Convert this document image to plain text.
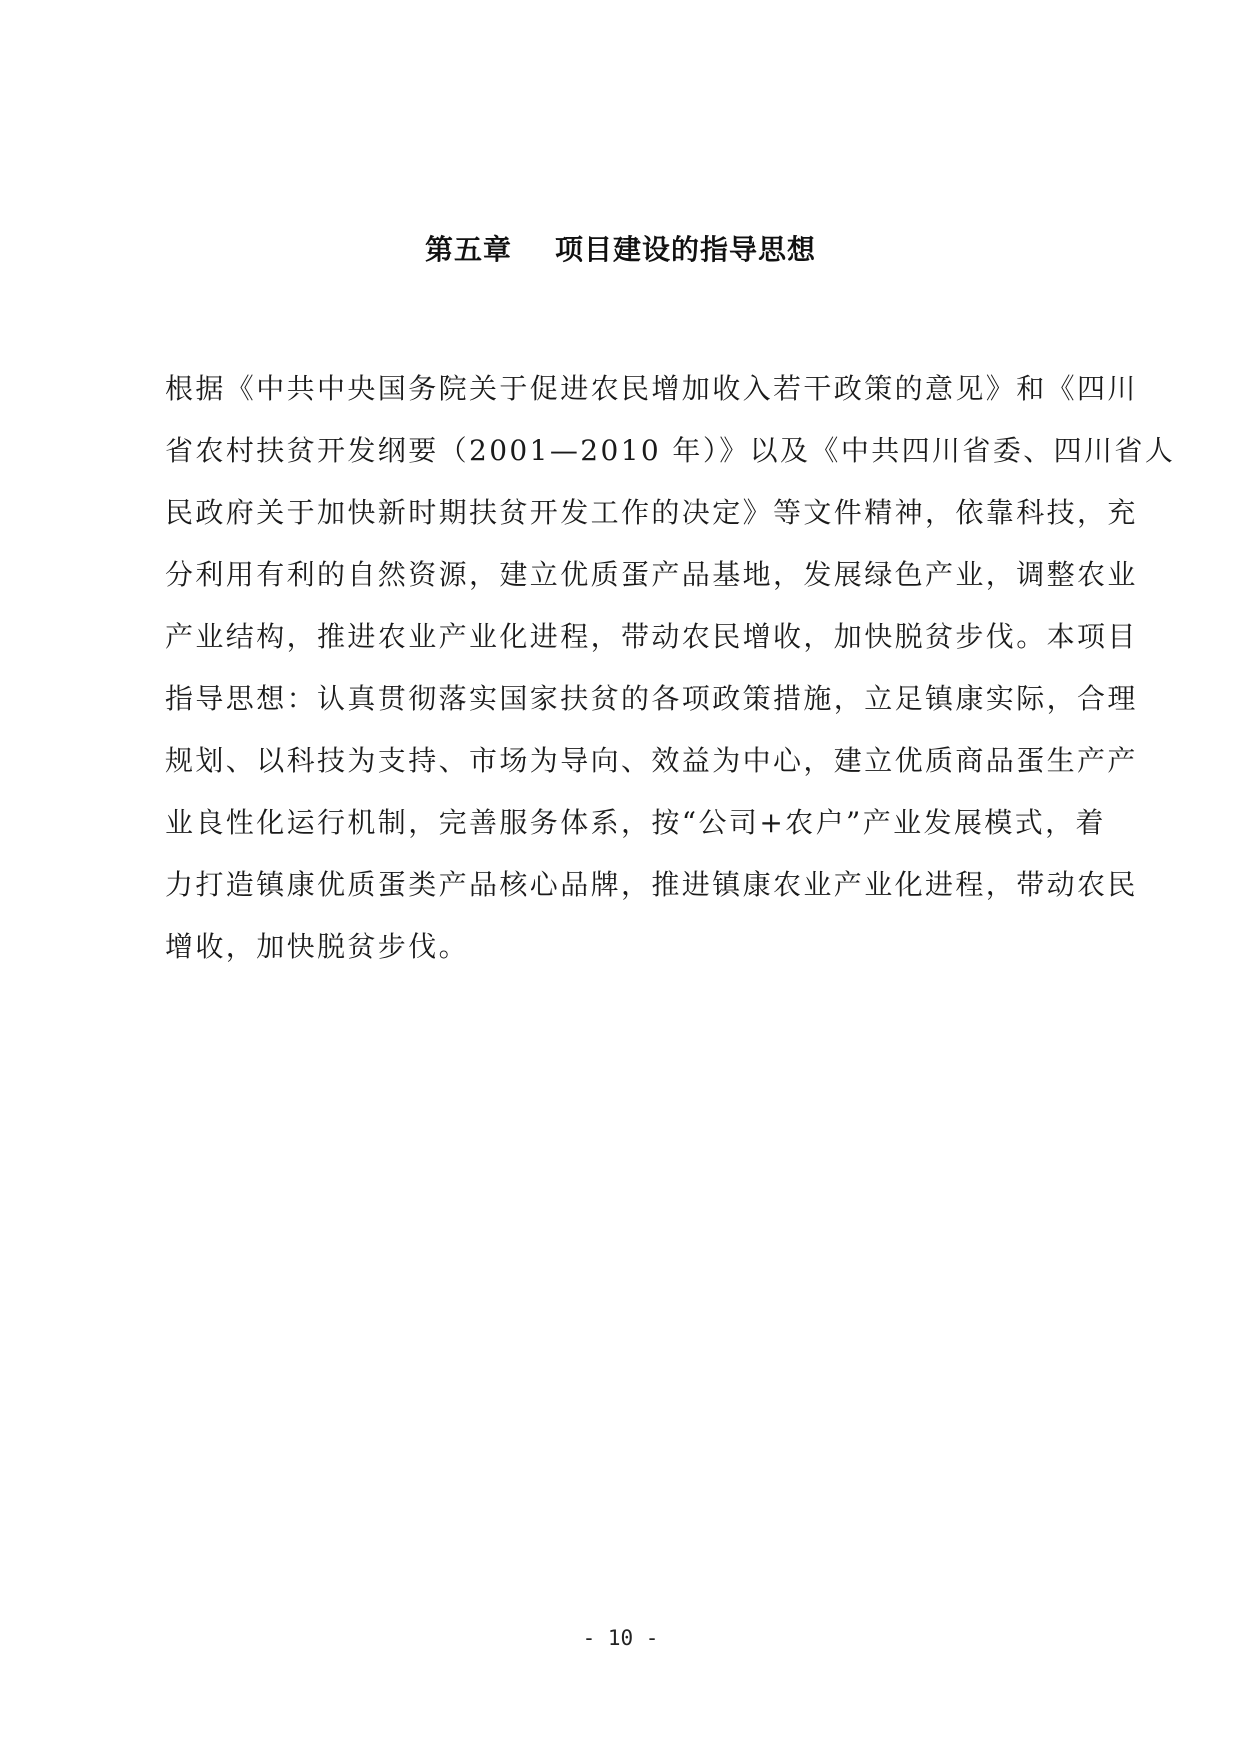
第五章    项目建设的指导思想
根据《中共中央国务院关于促进农民增加收入若干政策的意见》和《四川
省农村扶贫开发纲要（2001—2010 年）》以及《中共四川省委、四川省人
民政府关于加快新时期扶贫开发工作的决定》等文件精神，依靠科技，充
分利用有利的自然资源，建立优质蛋产品基地，发展绿色产业，调整农业
产业结构，推进农业产业化进程，带动农民增收，加快脱贫步伐。本项目
指导思想：认真贯彻落实国家扶贫的各项政策措施，立足镇康实际，合理
规划、以科技为支持、市场为导向、效益为中心，建立优质商品蛋生产产
业良性化运行机制，完善服务体系，按“公司+农户”产业发展模式，着
力打造镇康优质蛋类产品核心品牌，推进镇康农业产业化进程，带动农民
增收，加快脱贫步伐。
- 10 -
